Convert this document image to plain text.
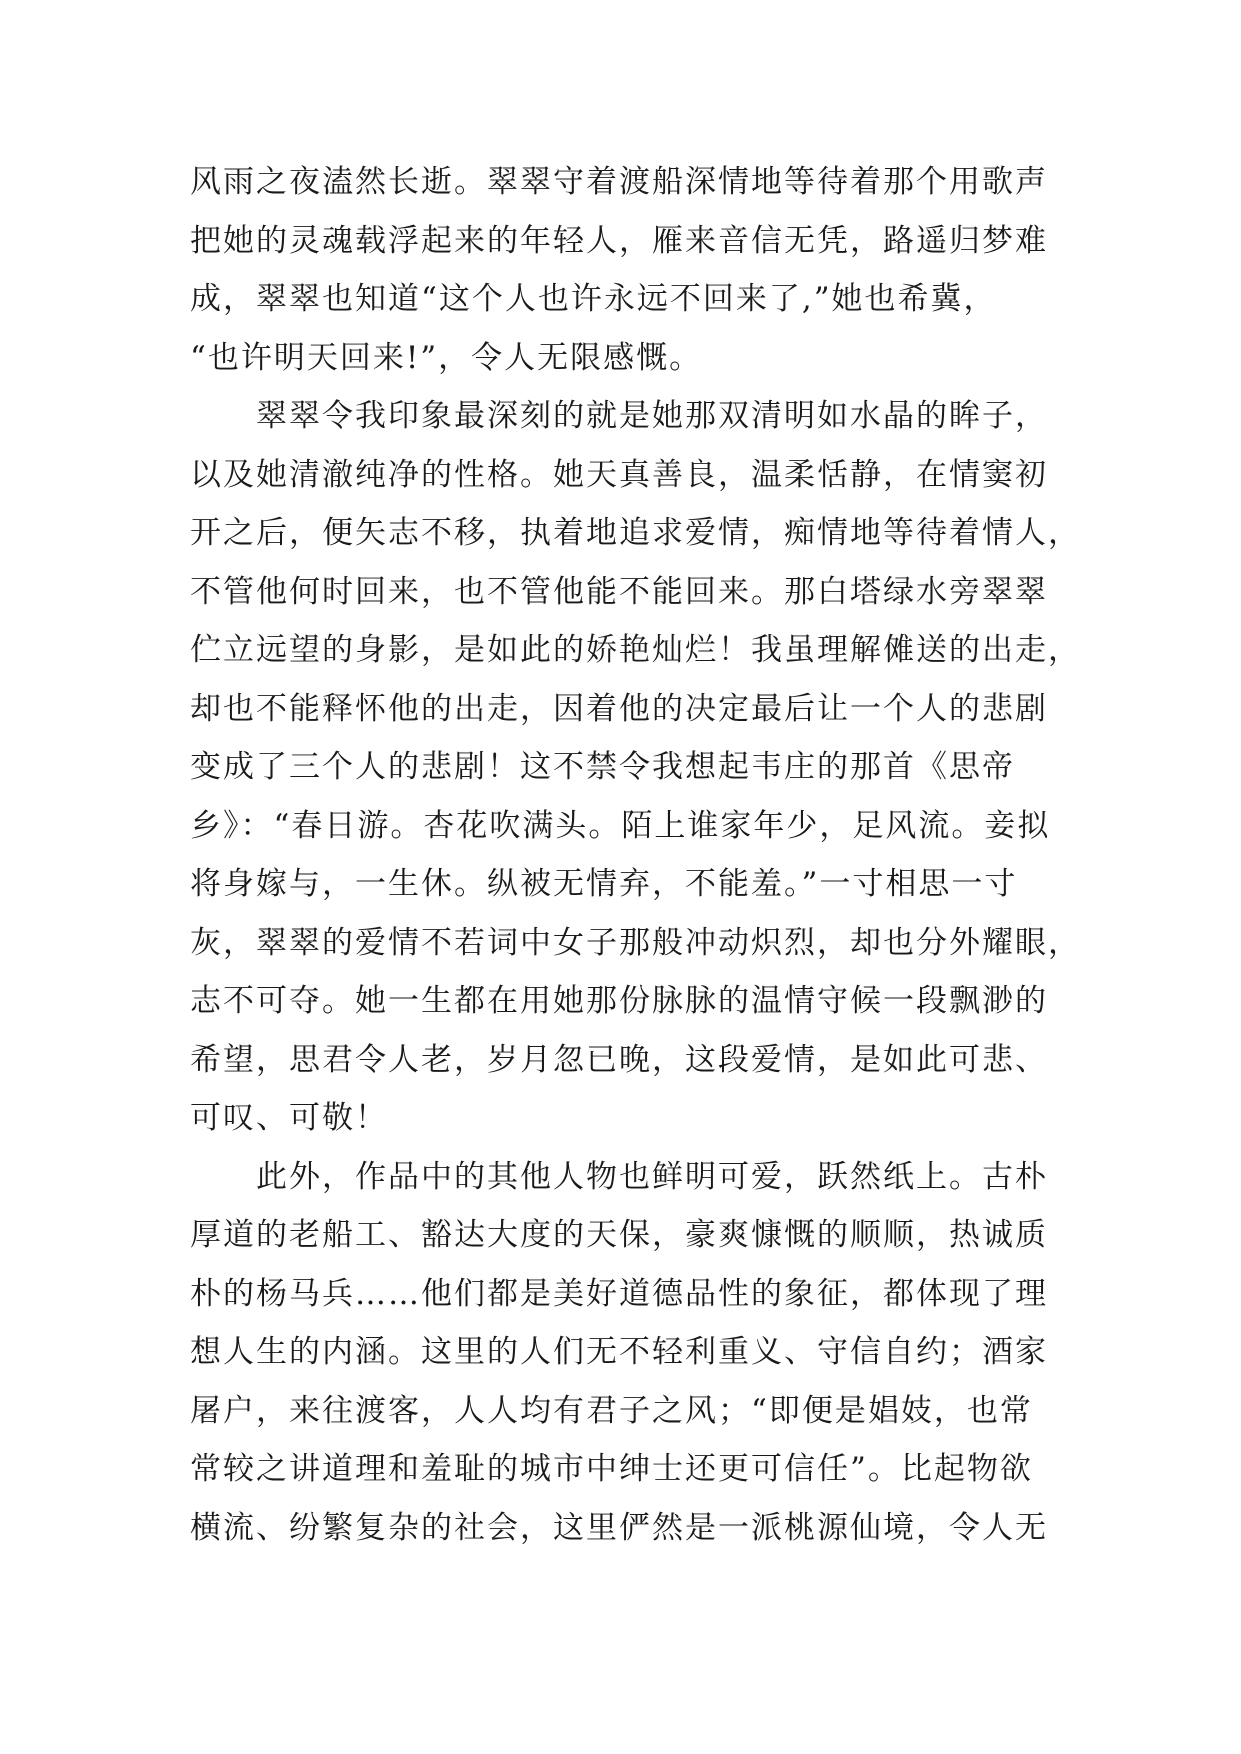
风雨之夜溘然长逝。翠翠守着渡船深情地等待着那个用歌声
把她的灵魂载浮起来的年轻人，雁来音信无凭，路遥归梦难
成，翠翠也知道“这个人也许永远不回来了,”她也希冀，
“也许明天回来!”，令人无限感慨。
　　翠翠令我印象最深刻的就是她那双清明如水晶的眸子，
以及她清澈纯净的性格。她天真善良，温柔恬静，在情窦初
开之后，便矢志不移，执着地追求爱情，痴情地等待着情人，
不管他何时回来，也不管他能不能回来。那白塔绿水旁翠翠
伫立远望的身影，是如此的娇艳灿烂！我虽理解傩送的出走，
却也不能释怀他的出走，因着他的决定最后让一个人的悲剧
变成了三个人的悲剧！这不禁令我想起韦庄的那首《思帝
乡》：“春日游。杏花吹满头。陌上谁家年少，足风流。妾拟
将身嫁与，一生休。纵被无情弃，不能羞。”一寸相思一寸
灰，翠翠的爱情不若词中女子那般冲动炽烈，却也分外耀眼，
志不可夺。她一生都在用她那份脉脉的温情守候一段飘渺的
希望，思君令人老，岁月忽已晚，这段爱情，是如此可悲、
可叹、可敬！
　　此外，作品中的其他人物也鲜明可爱，跃然纸上。古朴
厚道的老船工、豁达大度的天保，豪爽慷慨的顺顺，热诚质
朴的杨马兵……他们都是美好道德品性的象征，都体现了理
想人生的内涵。这里的人们无不轻利重义、守信自约；酒家
屠户，来往渡客，人人均有君子之风；“即便是娼妓，也常
常较之讲道理和羞耻的城市中绅士还更可信任”。比起物欲
横流、纷繁复杂的社会，这里俨然是一派桃源仙境，令人无
